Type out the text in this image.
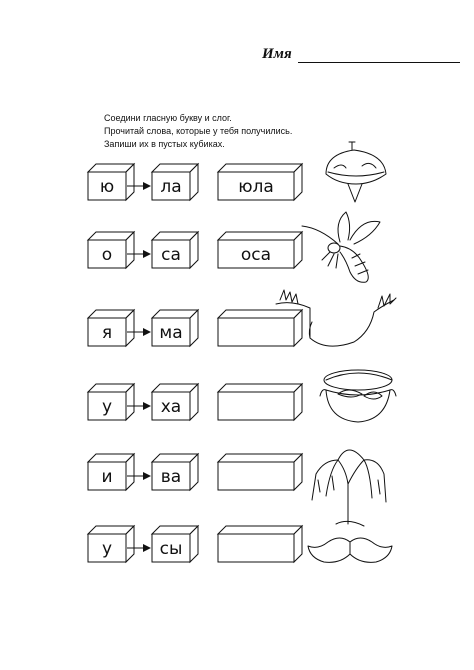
Имя
Соедини гласную букву и слог.
Прочитай слова, которые у тебя получились.
Запиши их в пустых кубиках.
ю	ла	юла
о	са	оса
я	ма
у	ха
и	ва
у	сы
